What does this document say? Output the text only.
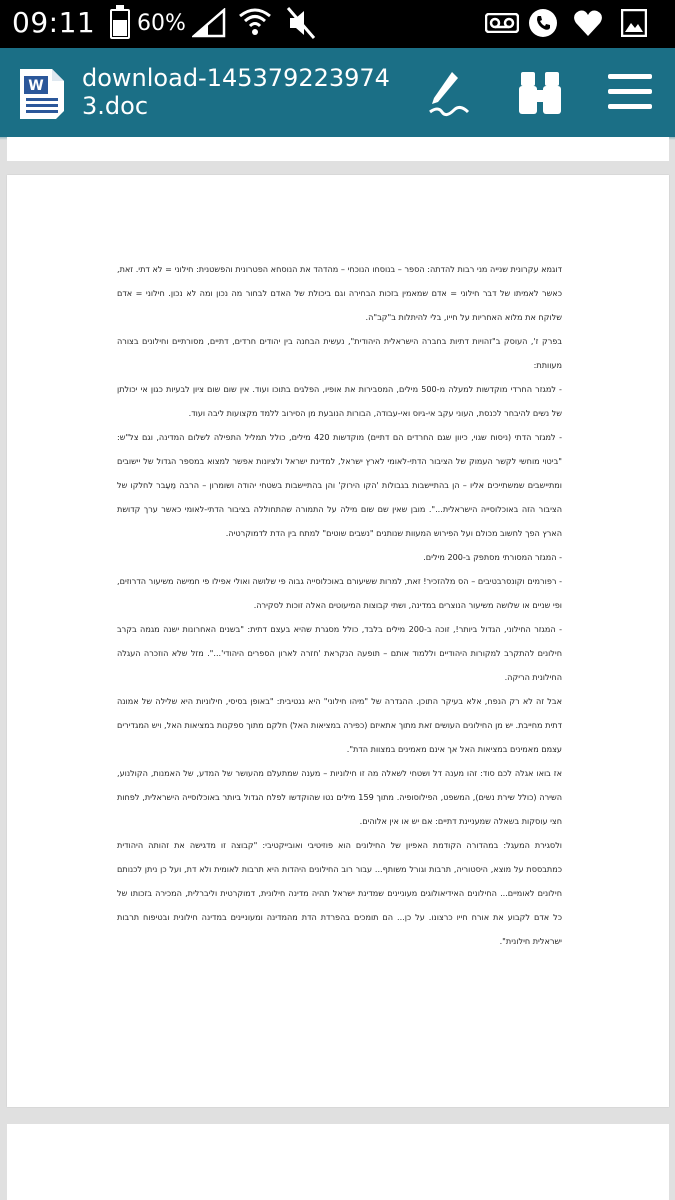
09:11 60%
W download-1453792239743.doc

דוגמא עקרונית שנייה מני רבות להדתה: הספר – בנוסחו הנוכחי – מהדהד את הנוסחא הפטרונית והפשטנית: חילוני = לא דתי. זאת, כאשר לאמיתו של דבר חילוני = אדם שמאמין בזכות הבחירה וגם ביכולת של האדם לבחור מה נכון ומה לא נכון. חילוני = אדם שלוקח את מלוא האחריות על חייו, בלי להיתלות ב"קב"ה.

בפרק ז', העוסק ב"זהויות דתיות בחברה הישראלית היהודית", נעשית הבחנה בין יהודים חרדים, דתיים, מסורתיים וחילונים בצורה מעוותת:

- למגזר החרדי מוקדשות למעלה מ-500 מילים, המסבירות את אופיו, הפלגים בתוכו ועוד. אין שום שום ציון לבעיות כגון אי יכולתן של נשים להיבחר לכנסת, העוני עקב אי-גיוס ואי-עבודה, הבורות הנובעת מן הסירוב ללמד מקצועות ליבה ועוד.

- למגזר הדתי (ניסוח שגוי, כיוון שגם החרדים הם דתיים) מוקדשות 420 מילים, כולל תמליל התפילה לשלום המדינה, וגם צל"ש: "ביטוי מוחשי לקשר העמוק של הציבור הדתי-לאומי לארץ ישראל, למדינת ישראל ולציונות אפשר למצוא במספר הגדול של יישובים ומתיישבים שמשתייכים אליו – הן בהתיישבות בגבולות 'הקו הירוק' והן בהתיישבות בשטחי יהודה ושומרון – הרבה מֵעֵבר לחלקו של הציבור הזה באוכלוסייה הישראלית...". מובן שאין שם שום מילה על התמורה שהתחוללה בציבור הדתי-לאומי כאשר ערך קדושת הארץ הפך לחשוב מכולם ועל הפירוש המעוות שנותנים "נשבים שוטים" למתח בין הדת לדמוקרטיה.

- המגזר המסורתי מסתפק ב-200 מילים.

- רפורמים וקונסרבטיבים – הס מלהזכיר! זאת, למרות ששיעורם באוכלוסייה גבוה פי שלושה ואולי אפילו פי חמישה משיעור הדרוזים, ופי שניים או שלושה משיעור הנוצרים במדינה, ושתי קבוצות המיעוטים האלה זוכות לסקירה.

- המגזר החילוני, הגדול ביותר!, זוכה ב-200 מילים בלבד, כולל מסגרת שהיא בעצם דתית: "בשנים האחרונות ישנה מגמה בקרב חילונים להתקרב למקורות היהודיים וללמוד אותם – תופעה הנקראת 'חזרה לארון הספרים היהודי'...". מזל שלא הוזכרה העגלה החילונית הריקה.

אבל זה לא רק הנפח, אלא בעיקר התוכן. ההגדרה של "מיהו חילוני" היא נגטיבית: "באופן בסיסי, חילוניות היא שלילה של אמונה דתית מחייבת. יש מן החילונים העושים זאת מתוך אתאיזם (כפירה במציאות האל) חלקם מתוך ספקנות במציאות האל, ויש המגדירים עצמם מאמינים במציאות האל אך אינם מאמינים במצוות הדת".

אז בואו אגלה לכם סוד: זהו מענה דל ושטחי לשאלה מה זו חילוניות – מענה שמתעלם מהעושר של המדע, של האמנות, הקולנוע, השירה (כולל שירת נשים), המשפט, הפילוסופיה. מתוך 159 מילים נטו שהוקדשו לפלח הגדול ביותר באוכלוסייה הישראלית, לפחות חצי עוסקות בשאלה שמעניינת דתיים: אם יש או אין אלוהים.

ולסגירת המעגל: במהדורה הקודמת האפיון של החילונים הוא פוזיטיבי ואובייקטיבי: "קבוצה זו מדגישה את זהותה היהודית כמתבססת על מוצא, היסטוריה, תרבות וגורל משותף... עבור רוב החילונים היהדות היא תרבות לאומית ולא דת, ועל כן ניתן לכנותם חילונים לאומיים... החילונים האידיאולוגים מעוניינים שמדינת ישראל תהיה מדינה חילונית, דמוקרטית וליברלית, המכירה בזכותו של כל אדם לקבוע את אורח חייו כרצונו. על כן... הם תומכים בהפרדת הדת מהמדינה ומעוניינים במדינה חילונית ובטיפוח תרבות ישראלית חילונית".
